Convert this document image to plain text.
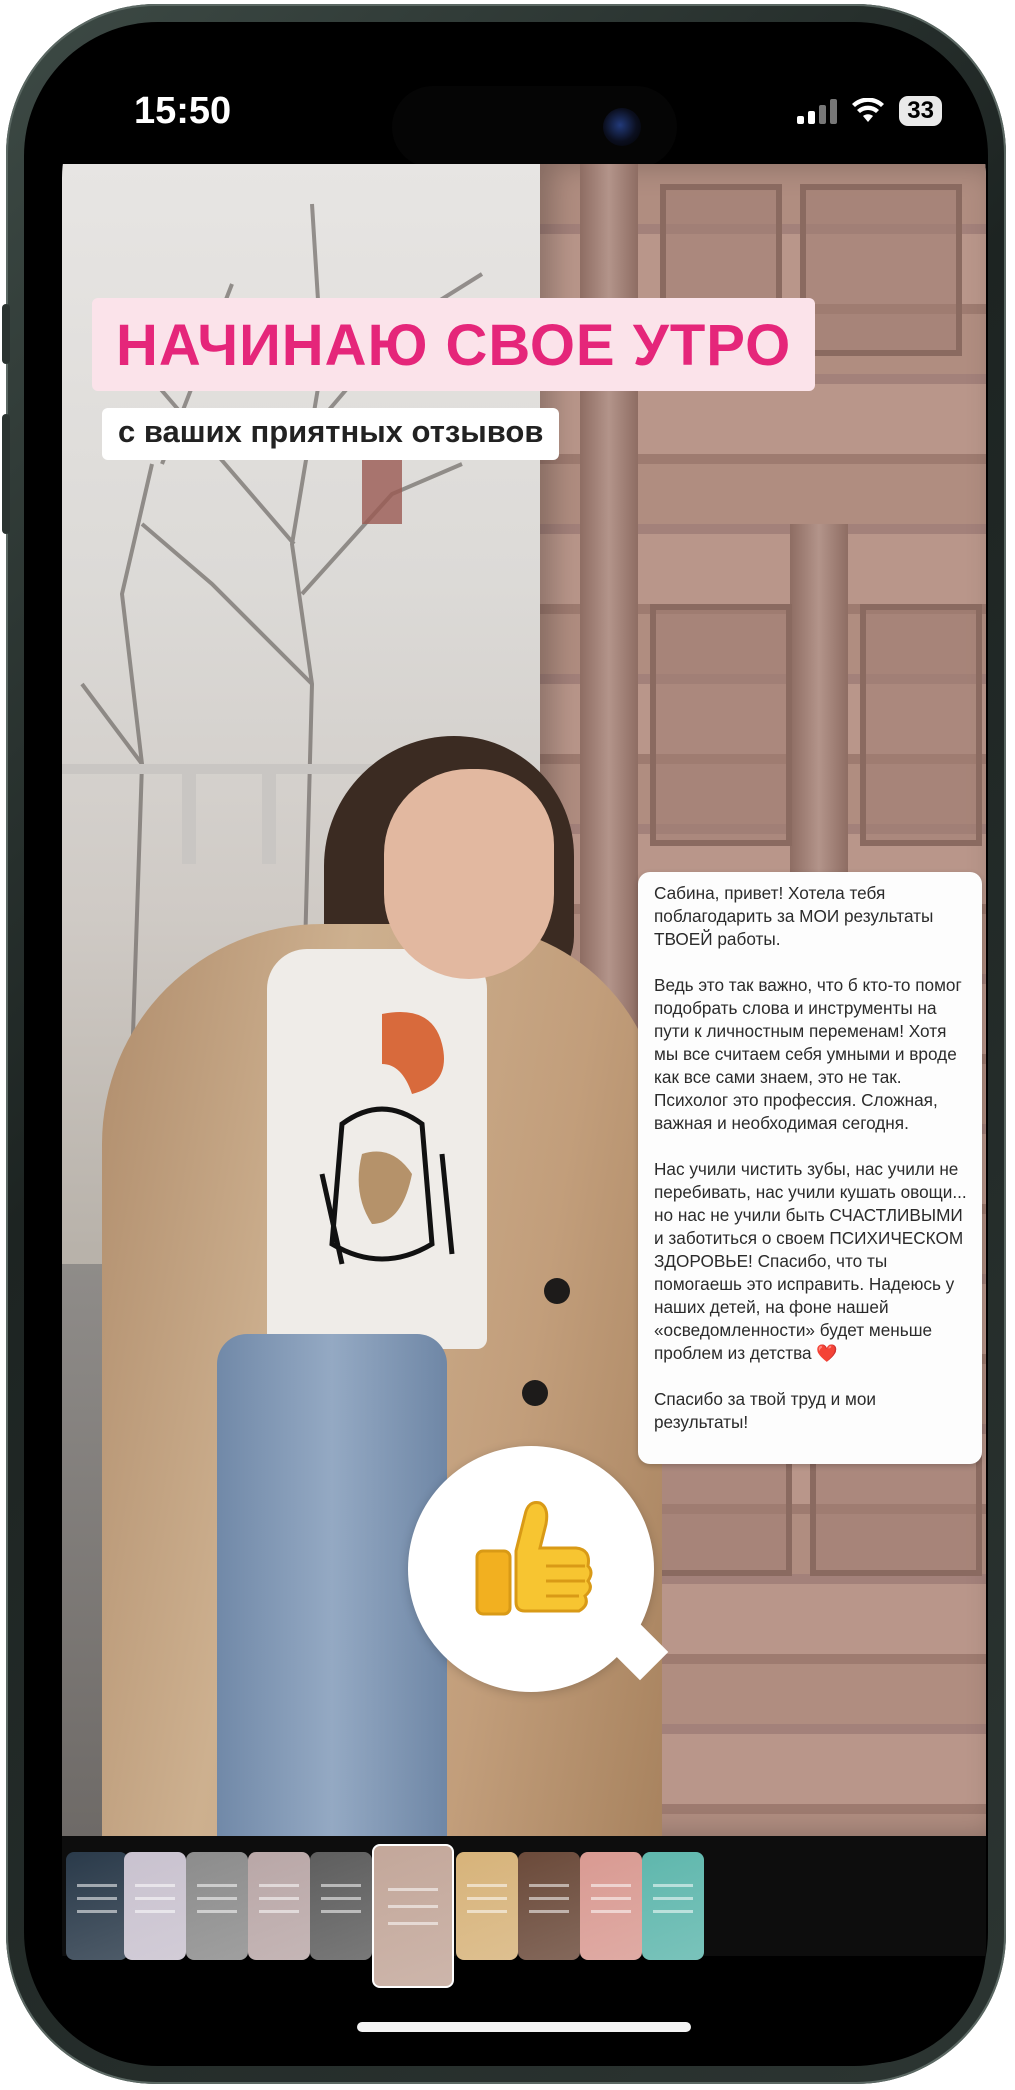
15:50	33
НАЧИНАЮ СВОЕ УТРО
с ваших приятных отзывов

Сабина, привет! Хотела тебя поблагодарить за МОИ результаты ТВОЕЙ работы.

Ведь это так важно, что б кто-то помог подобрать слова и инструменты на пути к личностным переменам! Хотя мы все считаем себя умными и вроде как все сами знаем, это не так. Психолог это профессия. Сложная, важная и необходимая сегодня.

Нас учили чистить зубы, нас учили не перебивать, нас учили кушать овощи... но нас не учили быть СЧАСТЛИВЫМИ и заботиться о своем ПСИХИЧЕСКОМ ЗДОРОВЬЕ! Спасибо, что ты помогаешь это исправить. Надеюсь у наших детей, на фоне нашей «осведомленности» будет меньше проблем из детства ❤️

Спасибо за твой труд и мои результаты!
